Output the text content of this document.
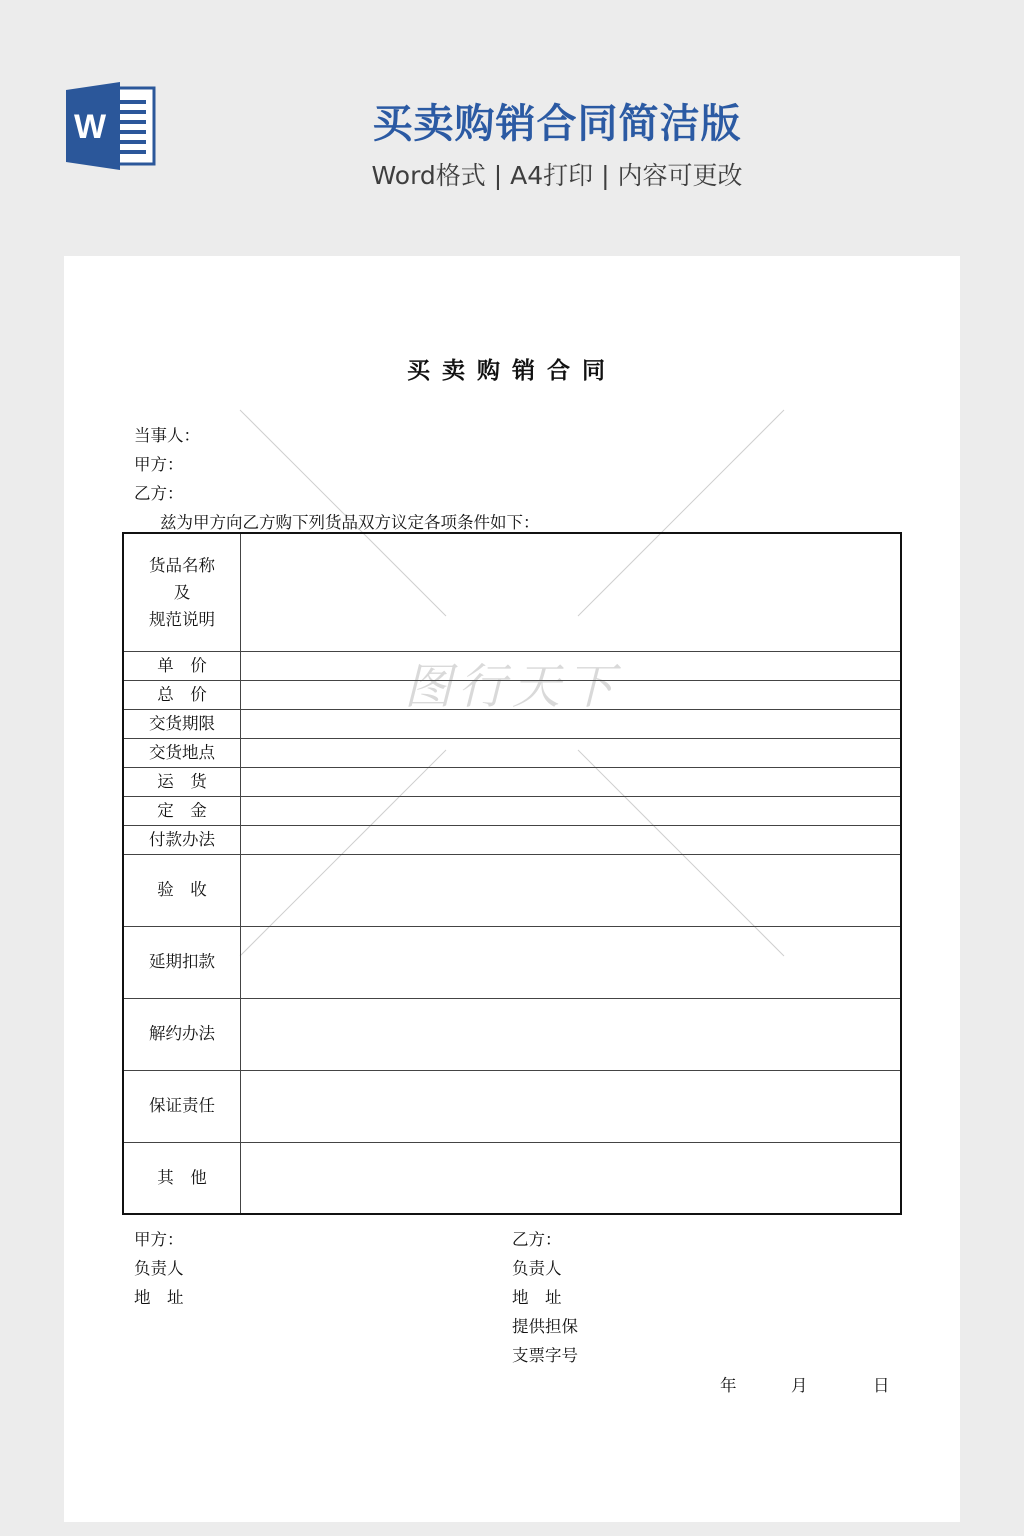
W	买卖购销合同简洁版
Word格式 | A4打印 | 内容可更改
图行天下
买卖购销合同
当事人：
甲方：
乙方：
兹为甲方向乙方购下列货品双方议定各项条件如下：
货品名称
及
规范说明	
单　价	
总　价	
交货期限	
交货地点	
运　货	
定　金	
付款办法	
验　收	
延期扣款	
解约办法	
保证责任	
其　他	
甲方：
负责人
地　址
乙方：
负责人
地　址
提供担保
支票字号
年	月	日
